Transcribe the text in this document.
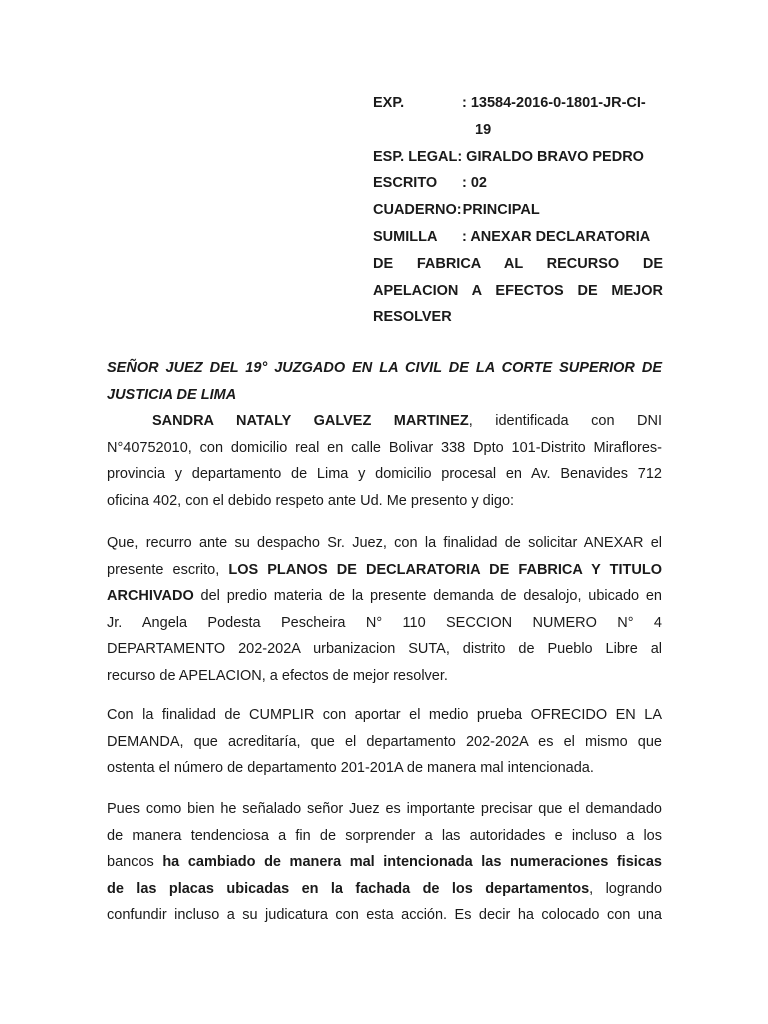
EXP.	: 13584-2016-0-1801-JR-CI-
19
ESP. LEGAL: GIRALDO BRAVO PEDRO
ESCRITO	: 02
CUADERNO: PRINCIPAL
SUMILLA	: ANEXAR DECLARATORIA
DE FABRICA AL RECURSO DE
APELACION A EFECTOS DE MEJOR
RESOLVER
SEÑOR JUEZ DEL 19° JUZGADO EN LA CIVIL DE LA CORTE SUPERIOR DE
JUSTICIA DE LIMA
SANDRA NATALY GALVEZ MARTINEZ, identificada con DNI
N°40752010, con domicilio real en calle Bolivar 338 Dpto 101-Distrito Miraflores-
provincia y departamento de Lima y domicilio procesal en Av. Benavides 712
oficina 402, con el debido respeto ante Ud. Me presento y digo:
Que, recurro ante su despacho Sr. Juez, con la finalidad de solicitar ANEXAR el
presente escrito, LOS PLANOS DE DECLARATORIA DE FABRICA Y TITULO
ARCHIVADO del predio materia de la presente demanda de desalojo, ubicado en
Jr. Angela Podesta Pescheira N° 110 SECCION NUMERO N° 4
DEPARTAMENTO 202-202A urbanizacion SUTA, distrito de Pueblo Libre al
recurso de APELACION, a efectos de mejor resolver.
Con la finalidad de CUMPLIR con aportar el medio prueba OFRECIDO EN LA
DEMANDA, que acreditaría, que el departamento 202-202A es el mismo que
ostenta el número de departamento 201-201A de manera mal intencionada.
Pues como bien he señalado señor Juez es importante precisar que el demandado
de manera tendenciosa a fin de sorprender a las autoridades e incluso a los
bancos ha cambiado de manera mal intencionada las numeraciones fisicas
de las placas ubicadas en la fachada de los departamentos, logrando
confundir incluso a su judicatura con esta acción. Es decir ha colocado con una
